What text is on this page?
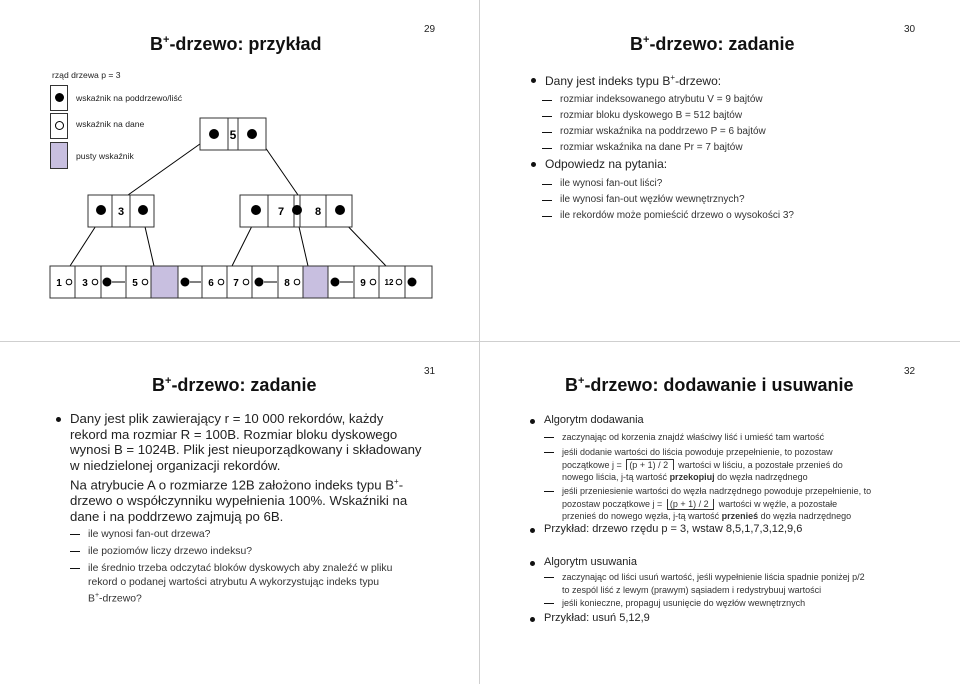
29
B+-drzewo: przykład
rząd drzewa p = 3
wskaźnik na poddrzewo/liść
wskaźnik na dane
pusty wskaźnik
5
3	7	8
1 3	5	6 7	8	9 12
30
B+-drzewo: zadanie
Dany jest indeks typu B+-drzewo:
rozmiar indeksowanego atrybutu V = 9 bajtów
rozmiar bloku dyskowego B = 512 bajtów
rozmiar wskaźnika na poddrzewo P = 6 bajtów
rozmiar wskaźnika na dane Pr = 7 bajtów
Odpowiedz na pytania:
ile wynosi fan-out liści?
ile wynosi fan-out węzłów wewnętrznych?
ile rekordów może pomieścić drzewo o wysokości 3?
31
B+-drzewo: zadanie
Dany jest plik zawierający r = 10 000 rekordów, każdy
rekord ma rozmiar R = 100B. Rozmiar bloku dyskowego
wynosi B = 1024B. Plik jest nieuporządkowany i składowany
w niedzielonej organizacji rekordów.
Na atrybucie A o rozmiarze 12B założono indeks typu B+-
drzewo o współczynniku wypełnienia 100%. Wskaźniki na
dane i na poddrzewo zajmują po 6B.
ile wynosi fan-out drzewa?
ile poziomów liczy drzewo indeksu?
ile średnio trzeba odczytać bloków dyskowych aby znaleźć w pliku
rekord o podanej wartości atrybutu A wykorzystując indeks typu
B+-drzewo?
32
B+-drzewo: dodawanie i usuwanie
Algorytm dodawania
zaczynając od korzenia znajdź właściwy liść i umieść tam wartość
jeśli dodanie wartości do liścia powoduje przepełnienie, to pozostaw
początkowe j = (p + 1) / 2 wartości w liściu, a pozostałe przenieś do
nowego liścia, j-tą wartość przekopiuj do węzła nadrzędnego
jeśli przeniesienie wartości do węzła nadrzędnego powoduje przepełnienie, to
pozostaw początkowe j = (p + 1) / 2 wartości w węźle, a pozostałe
przenieś do nowego węzła, j-tą wartość przenieś do węzła nadrzędnego
Przykład: drzewo rzędu p = 3, wstaw 8,5,1,7,3,12,9,6
Algorytm usuwania
zaczynając od liści usuń wartość, jeśli wypełnienie liścia spadnie poniżej p/2
to zespól liść z lewym (prawym) sąsiadem i redystrybuuj wartości
jeśli konieczne, propaguj usunięcie do węzłów wewnętrznych
Przykład: usuń 5,12,9
